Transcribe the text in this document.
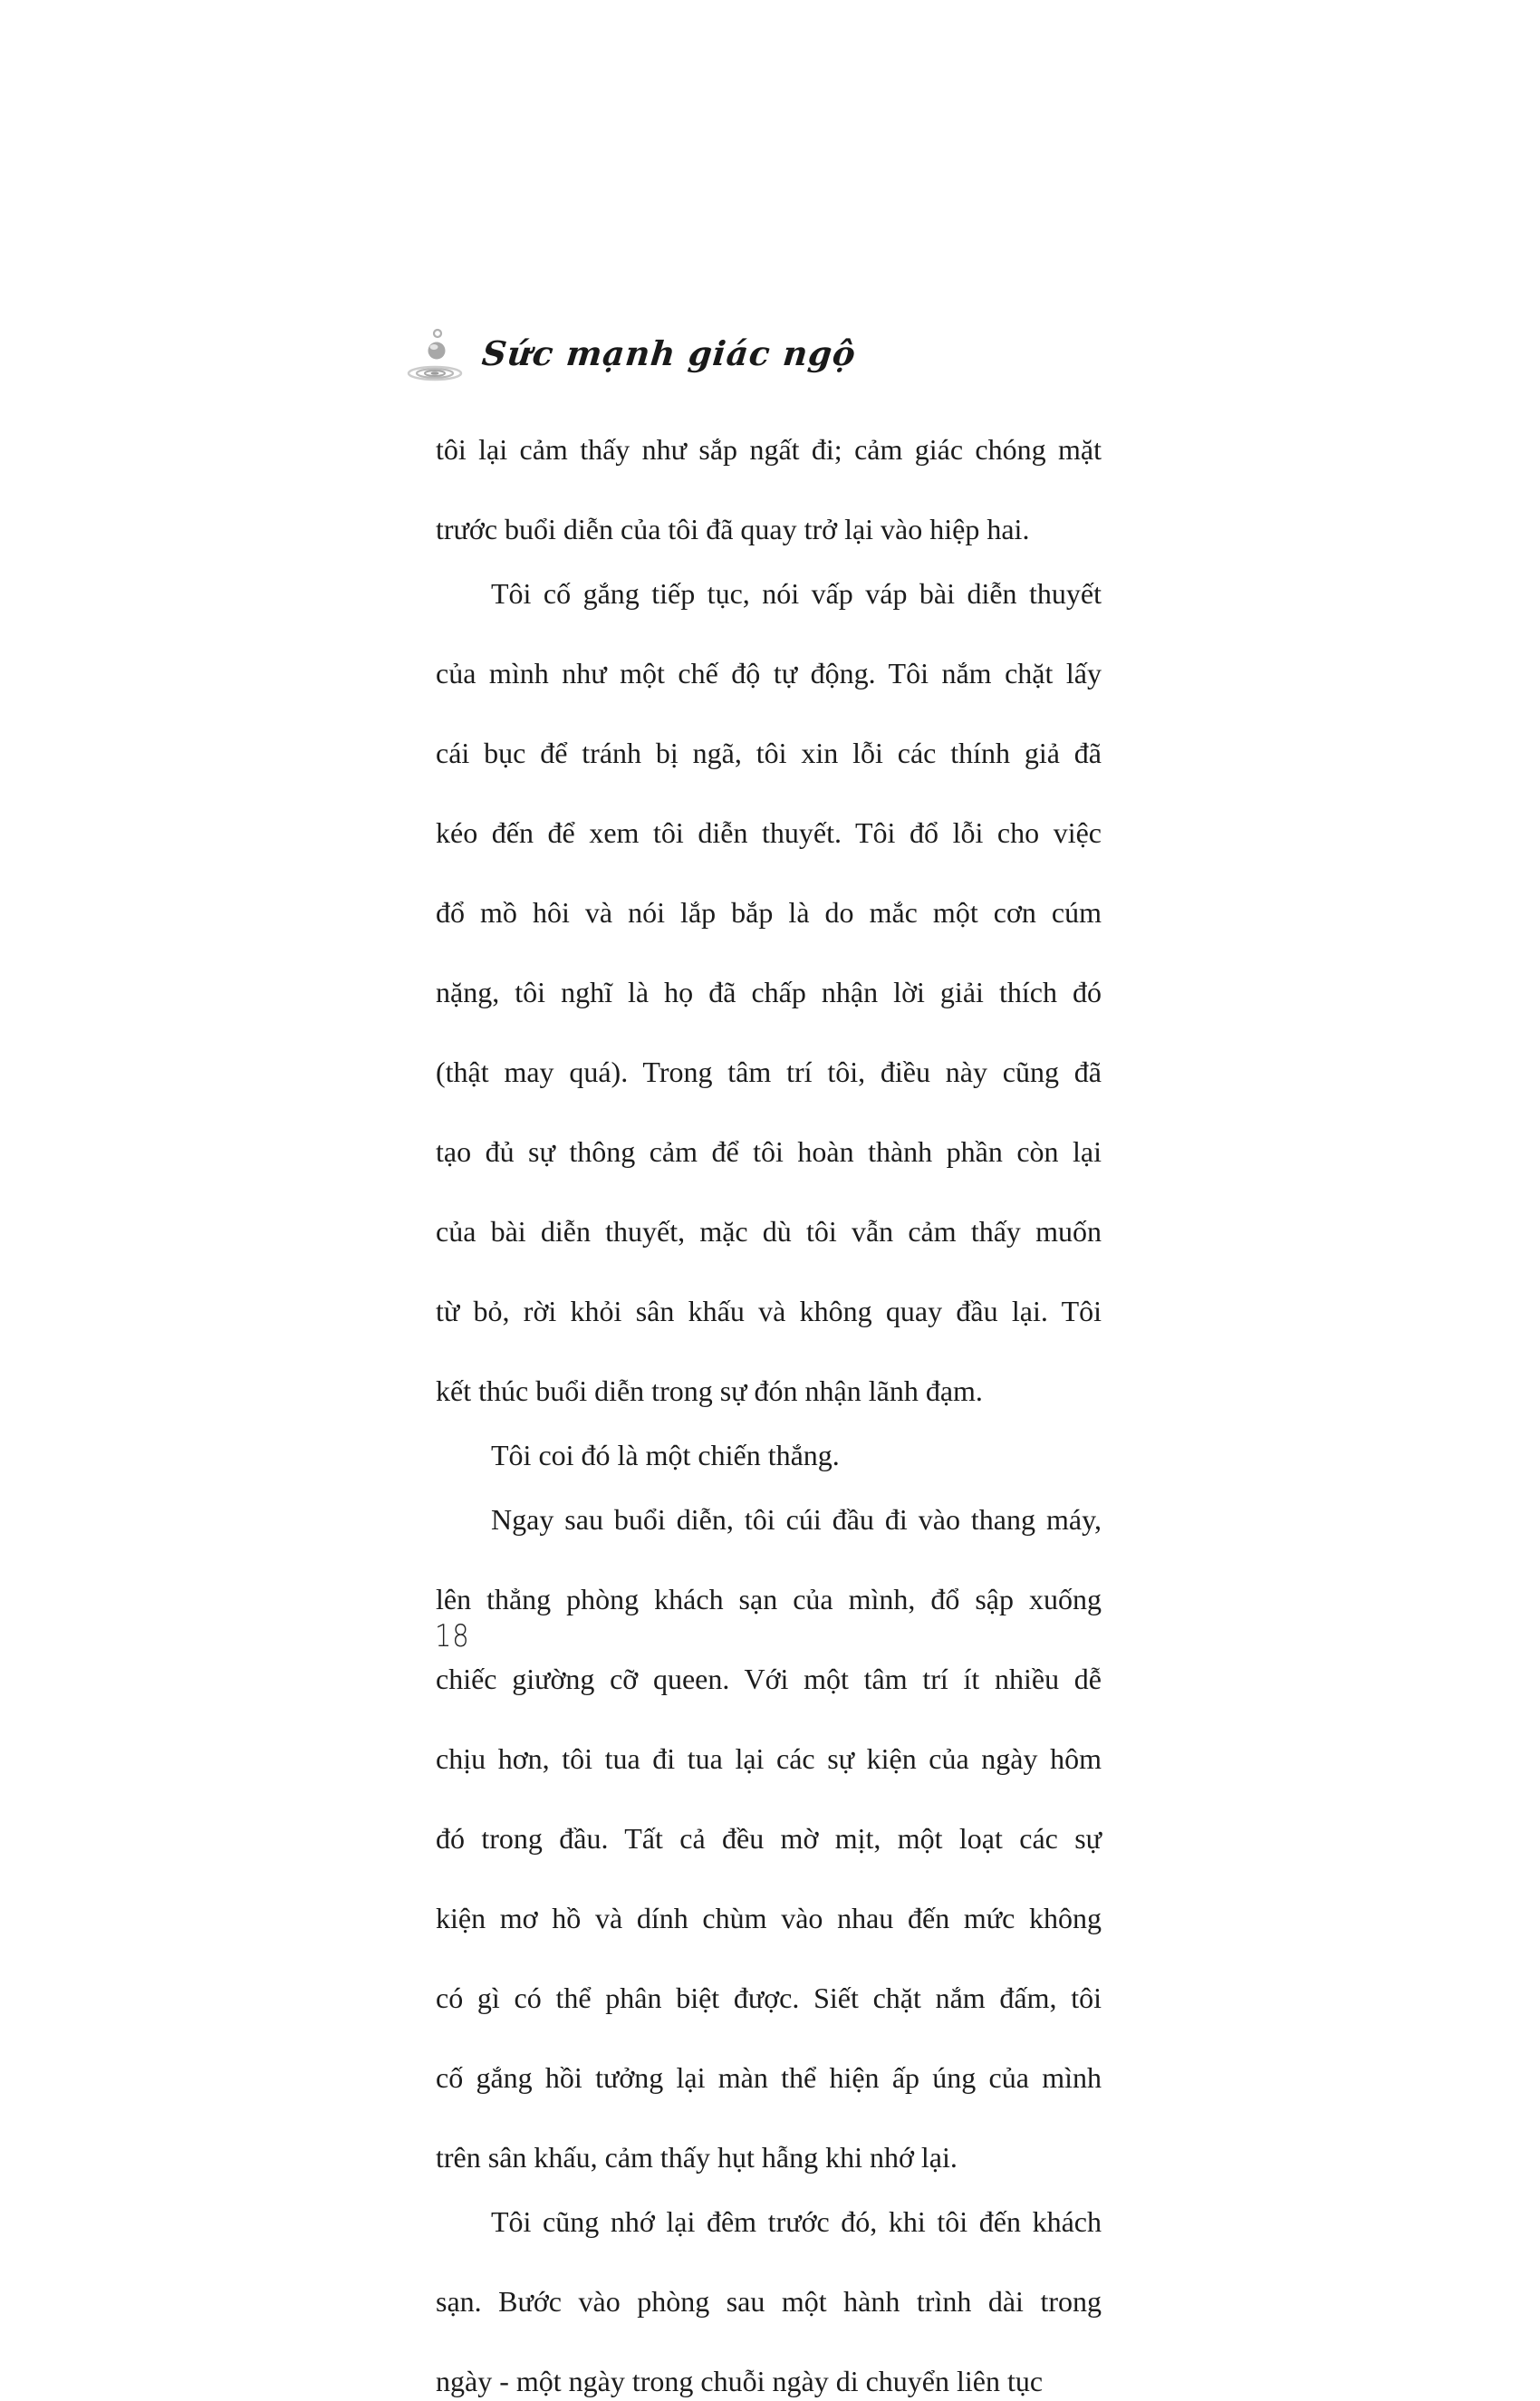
Sức mạnh giác ngộ
tôi lại cảm thấy như sắp ngất đi; cảm giác chóng mặt
trước buổi diễn của tôi đã quay trở lại vào hiệp hai.
Tôi cố gắng tiếp tục, nói vấp váp bài diễn thuyết
của mình như một chế độ tự động. Tôi nắm chặt lấy
cái bục để tránh bị ngã, tôi xin lỗi các thính giả đã
kéo đến để xem tôi diễn thuyết. Tôi đổ lỗi cho việc
đổ mồ hôi và nói lắp bắp là do mắc một cơn cúm
nặng, tôi nghĩ là họ đã chấp nhận lời giải thích đó
(thật may quá). Trong tâm trí tôi, điều này cũng đã
tạo đủ sự thông cảm để tôi hoàn thành phần còn lại
của bài diễn thuyết, mặc dù tôi vẫn cảm thấy muốn
từ bỏ, rời khỏi sân khấu và không quay đầu lại. Tôi
kết thúc buổi diễn trong sự đón nhận lãnh đạm.
Tôi coi đó là một chiến thắng.
Ngay sau buổi diễn, tôi cúi đầu đi vào thang máy,
lên thẳng phòng khách sạn của mình, đổ sập xuống
chiếc giường cỡ queen. Với một tâm trí ít nhiều dễ
chịu hơn, tôi tua đi tua lại các sự kiện của ngày hôm
đó trong đầu. Tất cả đều mờ mịt, một loạt các sự
kiện mơ hồ và dính chùm vào nhau đến mức không
có gì có thể phân biệt được. Siết chặt nắm đấm, tôi
cố gắng hồi tưởng lại màn thể hiện ấp úng của mình
trên sân khấu, cảm thấy hụt hẫng khi nhớ lại.
Tôi cũng nhớ lại đêm trước đó, khi tôi đến khách
sạn. Bước vào phòng sau một hành trình dài trong
ngày - một ngày trong chuỗi ngày di chuyển liên tục
18
